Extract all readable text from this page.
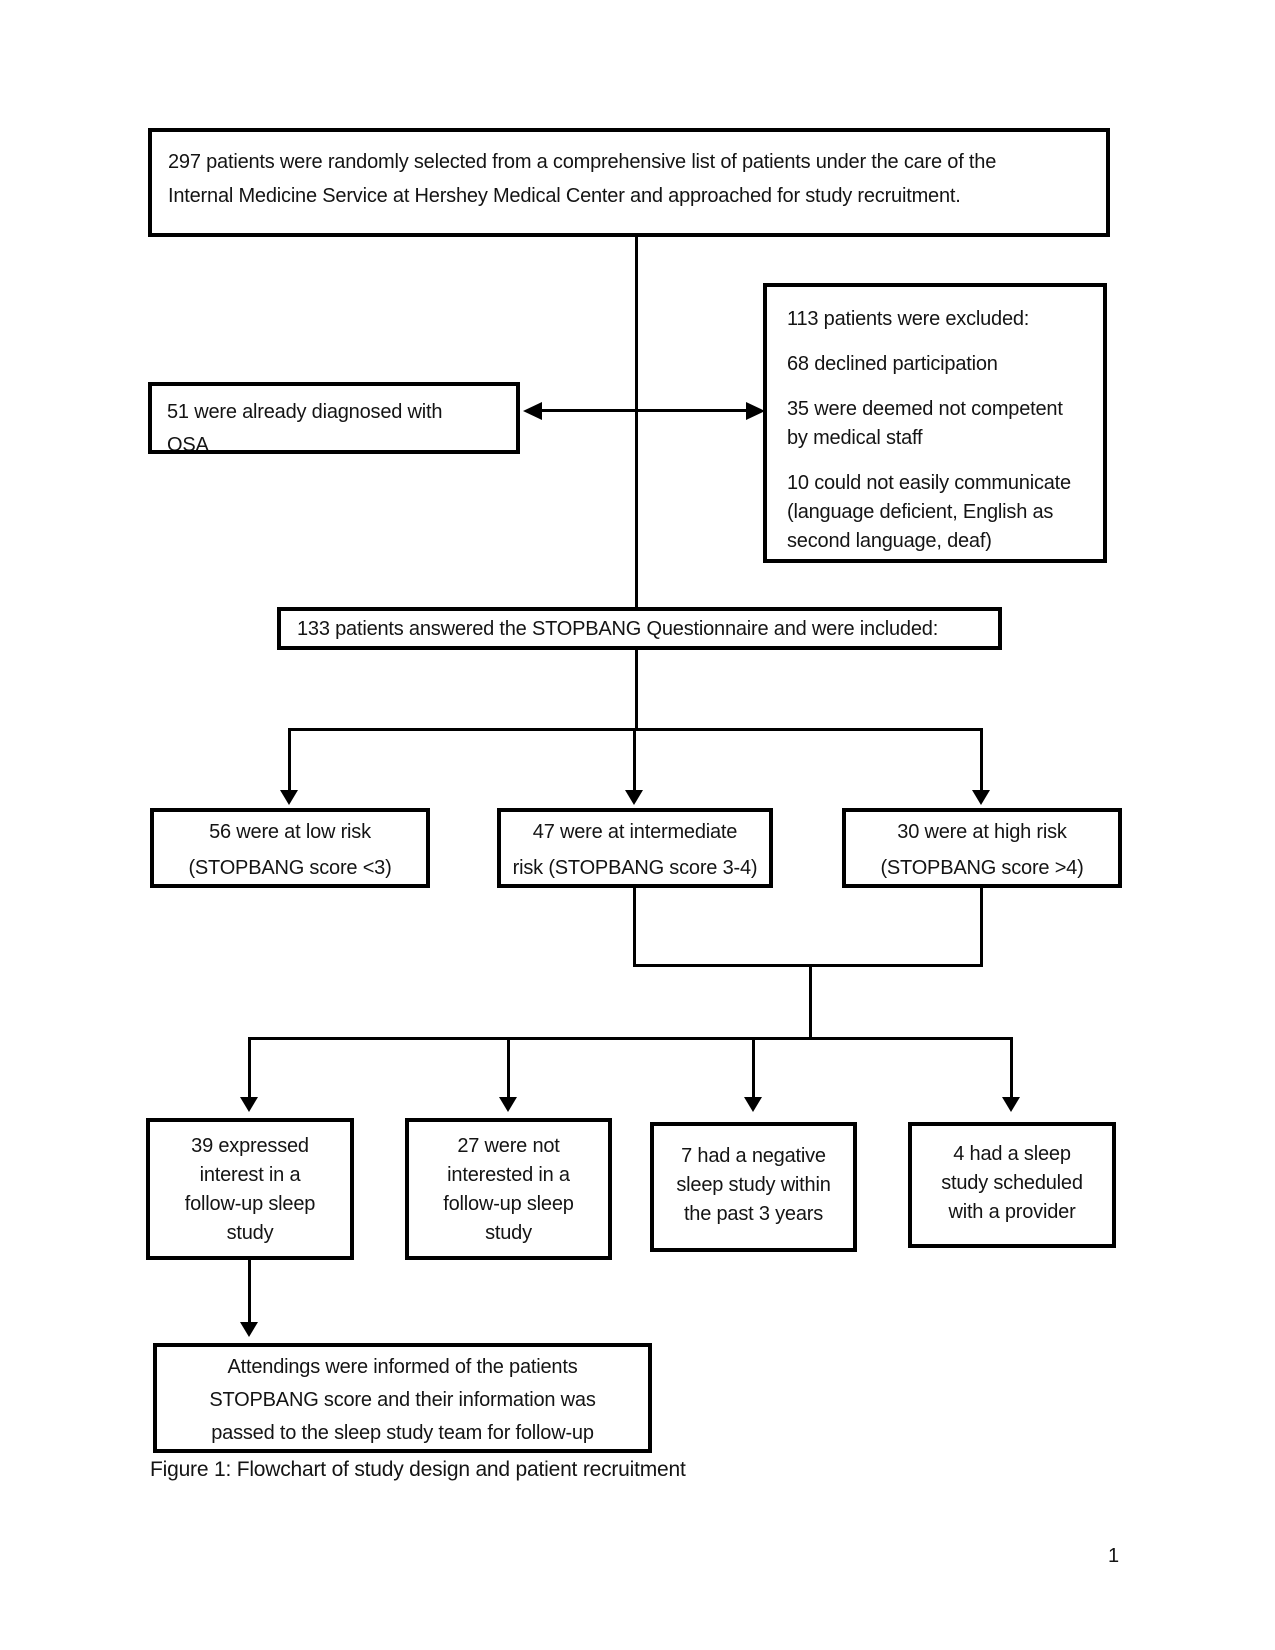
297 patients were randomly selected from a comprehensive list of patients under the care of the
Internal Medicine Service at Hershey Medical Center and approached for study recruitment.

113 patients were excluded:

68 declined participation

35 were deemed not competent
by medical staff

10 could not easily communicate
(language deficient, English as
second language, deaf)

51 were already diagnosed with
OSA
133 patients answered the STOPBANG Questionnaire and were included:
56 were at low risk
(STOPBANG score <3)
47 were at intermediate
risk (STOPBANG score 3-4)
30 were at high risk
(STOPBANG score >4)
39 expressed
interest in a
follow-up sleep
study
27 were not
interested in a
follow-up sleep
study
7 had a negative
sleep study within
the past 3 years
4 had a sleep
study scheduled
with a provider
Attendings were informed of the patients
STOPBANG score and their information was
passed to the sleep study team for follow-up
Figure 1: Flowchart of study design and patient recruitment
1
